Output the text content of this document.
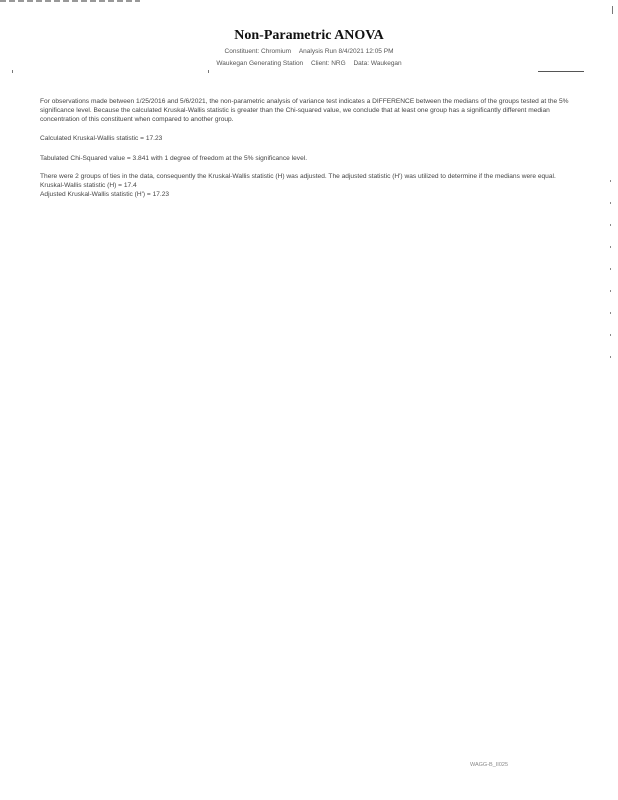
Non-Parametric ANOVA
Constituent: Chromium Analysis Run 8/4/2021 12:05 PM
Waukegan Generating Station Client: NRG Data: Waukegan

For observations made between 1/25/2016 and 5/6/2021, the non-parametric analysis of variance test indicates a DIFFERENCE between the medians of the groups tested at the 5% significance level. Because the calculated Kruskal-Wallis statistic is greater than the Chi-squared value, we conclude that at least one group has a significantly different median concentration of this constituent when compared to another group.

Calculated Kruskal-Wallis statistic = 17.23

Tabulated Chi-Squared value = 3.841 with 1 degree of freedom at the 5% significance level.

There were 2 groups of ties in the data, consequently the Kruskal-Wallis statistic (H) was adjusted. The adjusted statistic (H') was utilized to determine if the medians were equal.

Kruskal-Wallis statistic (H) = 17.4

Adjusted Kruskal-Wallis statistic (H') = 17.23

WAGG-B_II025
